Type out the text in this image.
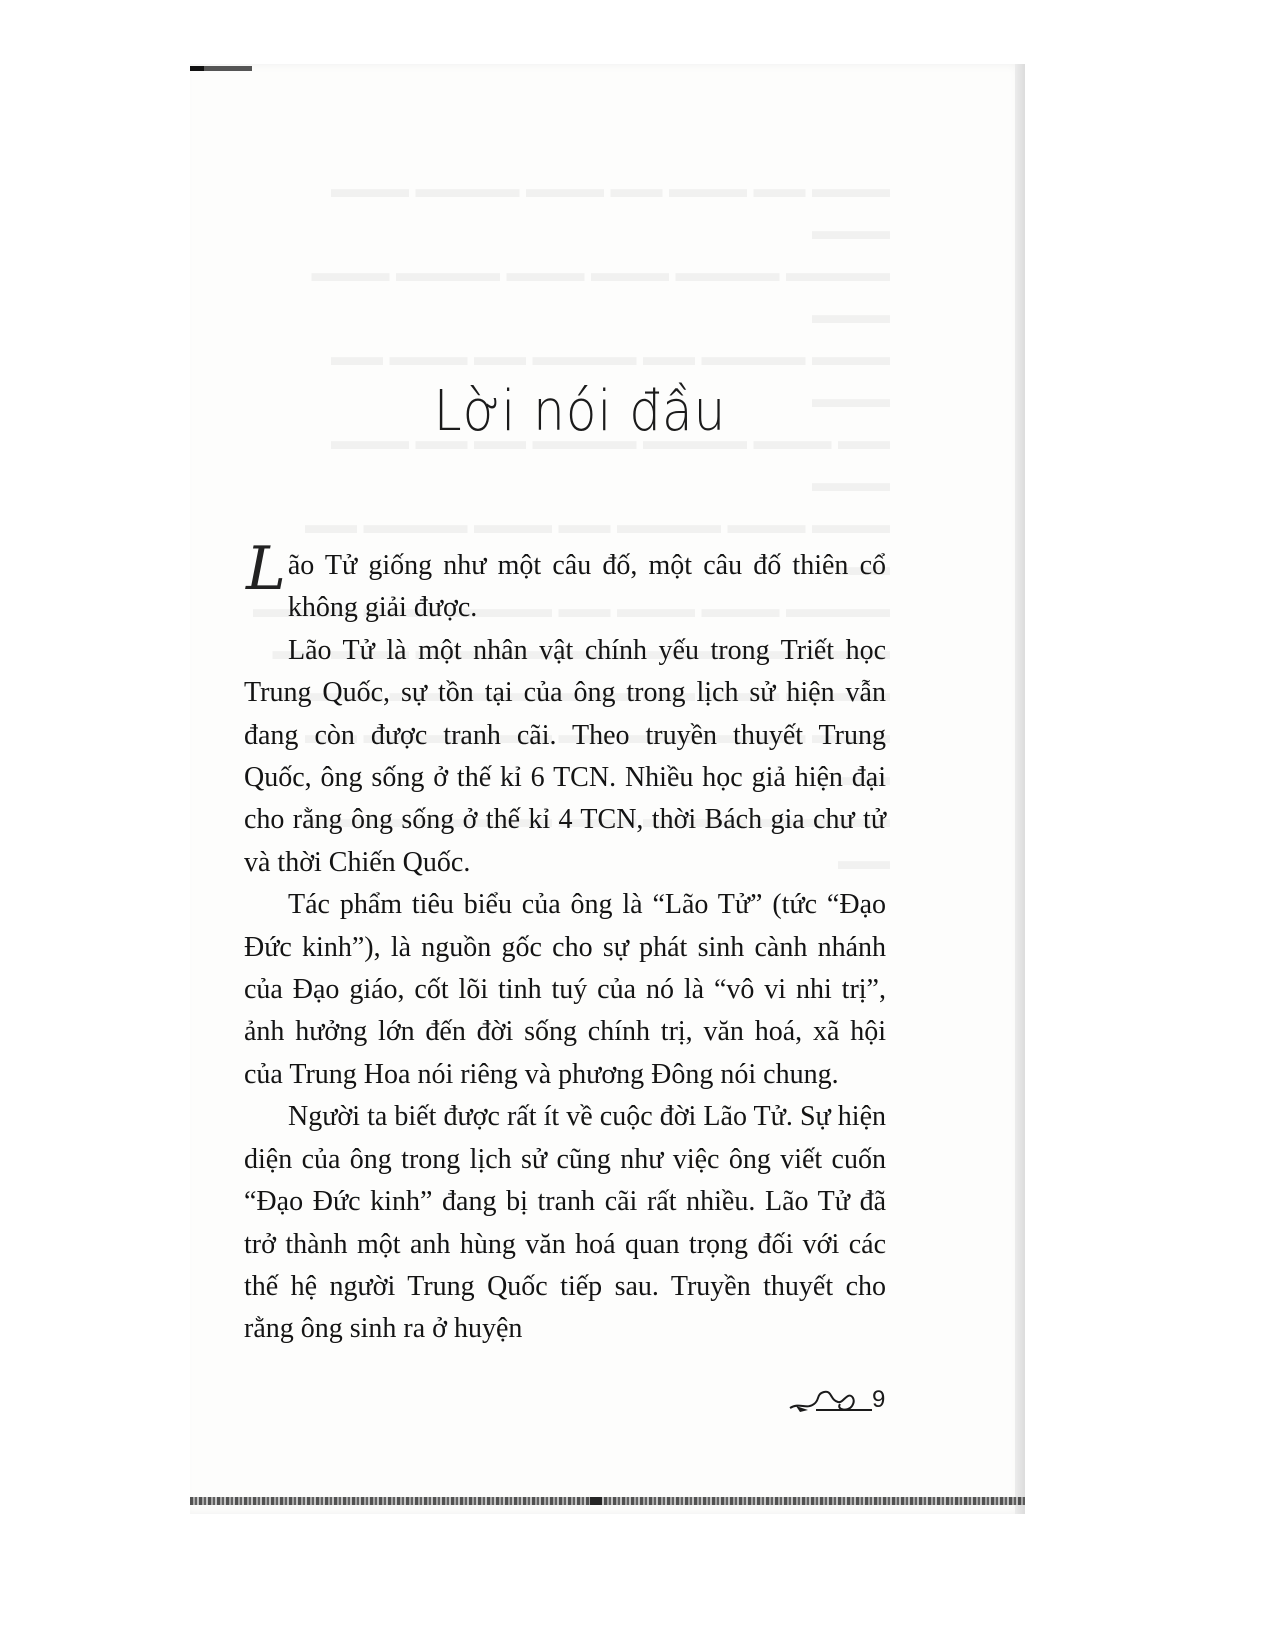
Lời nói đầu

Lão Tử giống như một câu đố, một câu đố thiên cổ không giải được.

Lão Tử là một nhân vật chính yếu trong Triết học Trung Quốc, sự tồn tại của ông trong lịch sử hiện vẫn đang còn được tranh cãi. Theo truyền thuyết Trung Quốc, ông sống ở thế kỉ 6 TCN. Nhiều học giả hiện đại cho rằng ông sống ở thế kỉ 4 TCN, thời Bách gia chư tử và thời Chiến Quốc.

Tác phẩm tiêu biểu của ông là “Lão Tử” (tức “Đạo Đức kinh”), là nguồn gốc cho sự phát sinh cành nhánh của Đạo giáo, cốt lõi tinh tuý của nó là “vô vi nhi trị”, ảnh hưởng lớn đến đời sống chính trị, văn hoá, xã hội của Trung Hoa nói riêng và phương Đông nói chung.

Người ta biết được rất ít về cuộc đời Lão Tử. Sự hiện diện của ông trong lịch sử cũng như việc ông viết cuốn “Đạo Đức kinh” đang bị tranh cãi rất nhiều. Lão Tử đã trở thành một anh hùng văn hoá quan trọng đối với các thế hệ người Trung Quốc tiếp sau. Truyền thuyết cho rằng ông sinh ra ở huyện

9
